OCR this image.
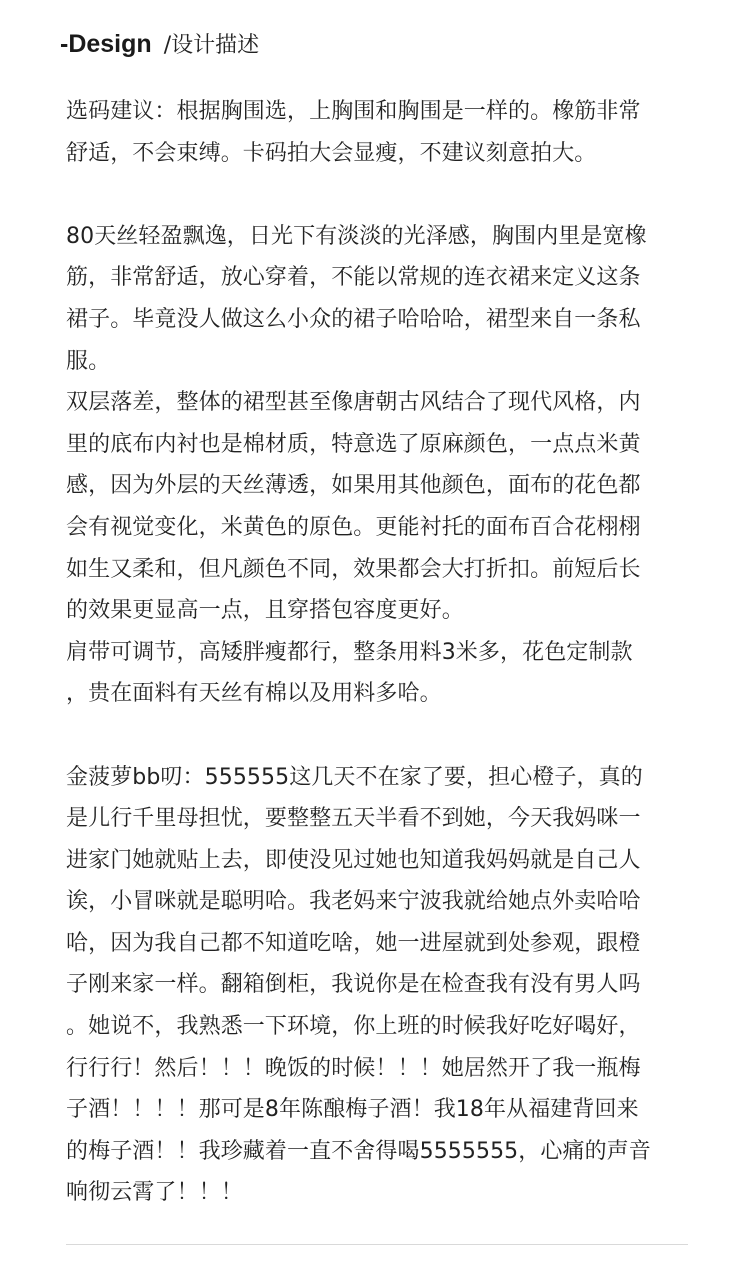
-Design /设计描述
选码建议：根据胸围选，上胸围和胸围是一样的。橡筋非常
舒适，不会束缚。卡码拍大会显瘦，不建议刻意拍大。
80天丝轻盈飘逸，日光下有淡淡的光泽感，胸围内里是宽橡
筋，非常舒适，放心穿着，不能以常规的连衣裙来定义这条
裙子。毕竟没人做这么小众的裙子哈哈哈，裙型来自一条私
服。
双层落差，整体的裙型甚至像唐朝古风结合了现代风格，内
里的底布内衬也是棉材质，特意选了原麻颜色，一点点米黄
感，因为外层的天丝薄透，如果用其他颜色，面布的花色都
会有视觉变化，米黄色的原色。更能衬托的面布百合花栩栩
如生又柔和，但凡颜色不同，效果都会大打折扣。前短后长
的效果更显高一点，且穿搭包容度更好。
肩带可调节，高矮胖瘦都行，整条用料3米多，花色定制款
，贵在面料有天丝有棉以及用料多哈。
金菠萝bb叨：555555这几天不在家了要，担心橙子，真的
是儿行千里母担忧，要整整五天半看不到她，今天我妈咪一
进家门她就贴上去，即使没见过她也知道我妈妈就是自己人
诶，小冒咪就是聪明哈。我老妈来宁波我就给她点外卖哈哈
哈，因为我自己都不知道吃啥，她一进屋就到处参观，跟橙
子刚来家一样。翻箱倒柜，我说你是在检查我有没有男人吗
。她说不，我熟悉一下环境，你上班的时候我好吃好喝好，
行行行！然后！！！晚饭的时候！！！她居然开了我一瓶梅
子酒！！！！那可是8年陈酿梅子酒！我18年从福建背回来
的梅子酒！！我珍藏着一直不舍得喝5555555，心痛的声音
响彻云霄了！！！
